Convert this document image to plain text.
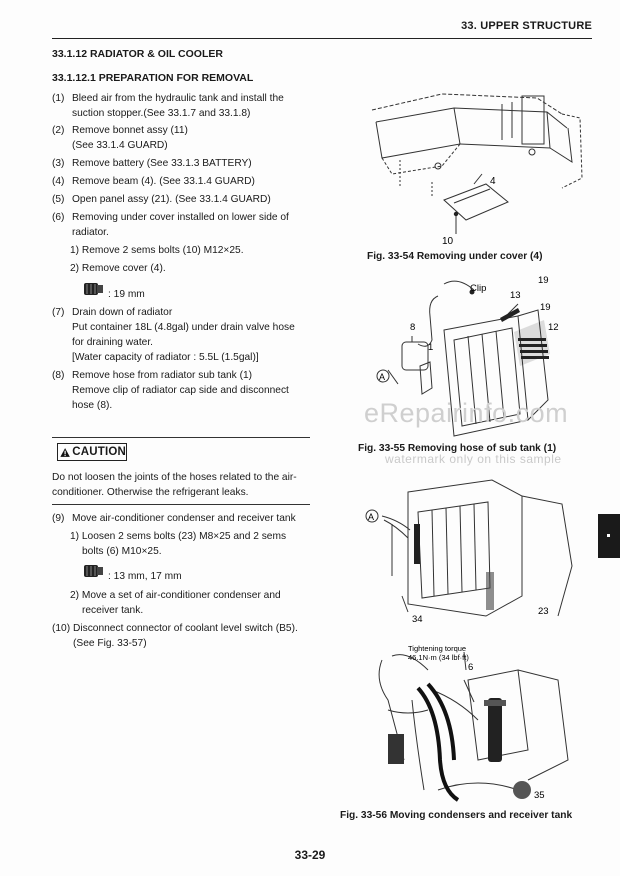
33. UPPER STRUCTURE
33.1.12 RADIATOR & OIL COOLER
33.1.12.1 PREPARATION FOR REMOVAL
(1) Bleed air from the hydraulic tank and install the
suction stopper.(See 33.1.7 and 33.1.8)
(2) Remove bonnet assy (11)
(See 33.1.4 GUARD)
(3) Remove battery (See 33.1.3 BATTERY)
(4) Remove beam (4). (See 33.1.4 GUARD)
(5) Open panel assy (21). (See 33.1.4 GUARD)
(6) Removing under cover installed on lower side of
radiator.
1) Remove 2 sems bolts (10) M12×25.
2) Remove cover (4).
: 19 mm
(7) Drain down of radiator
Put container 18L (4.8gal) under drain valve hose
for draining water.
[Water capacity of radiator : 5.5L (1.5gal)]
(8) Remove hose from radiator sub tank (1)
Remove clip of radiator cap side and disconnect
hose (8).
CAUTION
Do not loosen the joints of the hoses related to the air-
conditioner. Otherwise the refrigerant leaks.
(9) Move air-conditioner condenser and receiver tank
1) Loosen 2 sems bolts (23) M8×25 and 2 sems
bolts (6) M10×25.
: 13 mm, 17 mm
2) Move a set of air-conditioner condenser and
receiver tank.
(10) Disconnect connector of coolant level switch (B5).
(See Fig. 33-57)
4
10
Fig. 33-54 Removing under cover (4)
A
Clip
13
19
19
12
8
1
Fig. 33-55 Removing hose of sub tank (1)
A
23
34
Tightening torque
46.1N·m (34 lbf·ft)
6
35
Fig. 33-56 Moving condensers and receiver tank
eRepairinfo.com
watermark only on this sample
33-29
